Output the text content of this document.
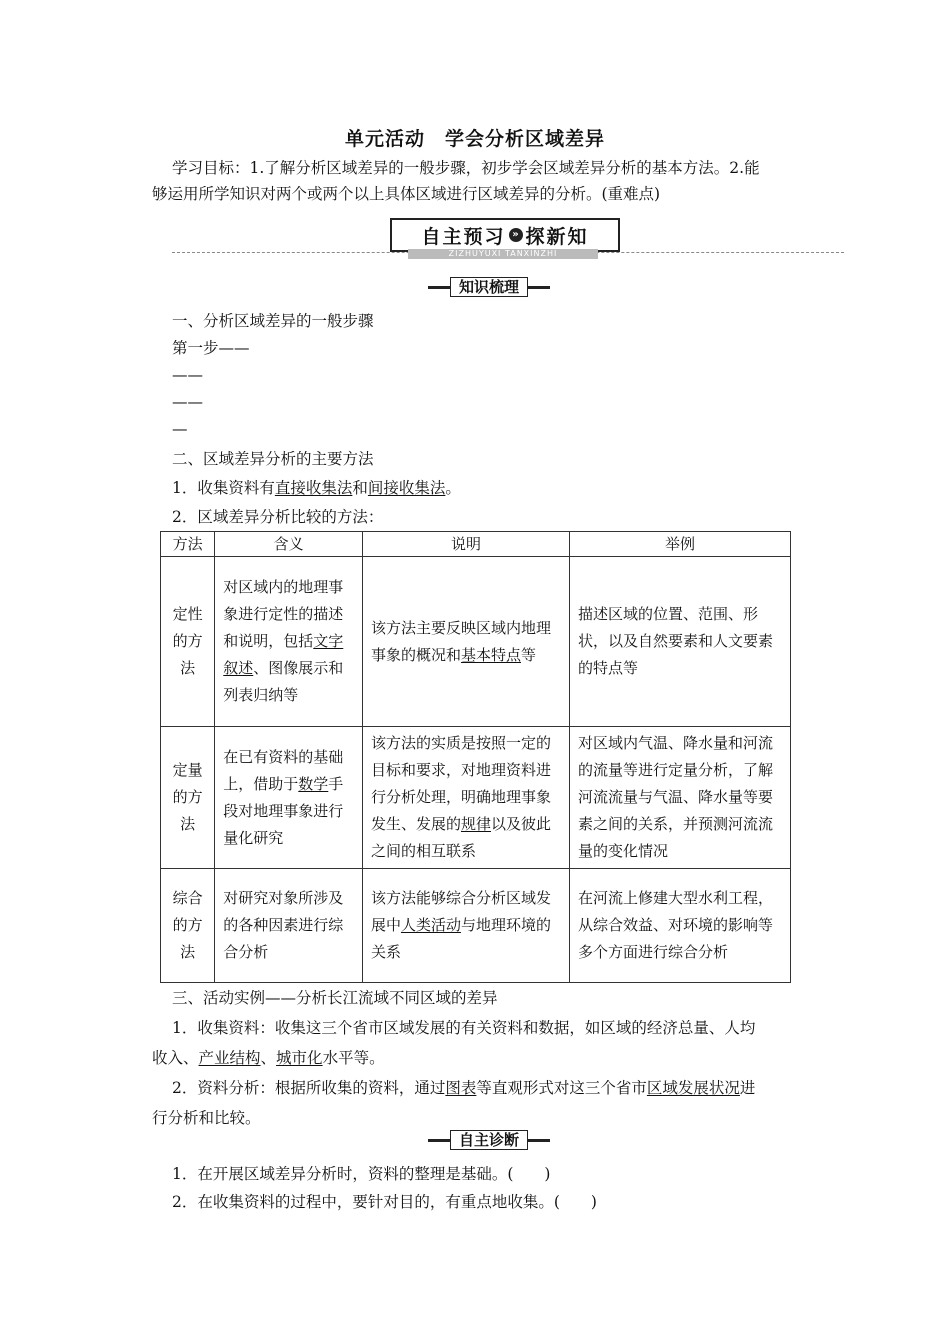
单元活动　学会分析区域差异
学习目标：1.了解分析区域差异的一般步骤，初步学会区域差异分析的基本方法。2.能
够运用所学知识对两个或两个以上具体区域进行区域差异的分析。(重难点)
自主预习 » 探新知
ZIZHUYUXI TANXINZHI
知识梳理
一、分析区域差异的一般步骤
第一步——
——
——
—
二、区域差异分析的主要方法
1．收集资料有直接收集法和间接收集法。
2．区域差异分析比较的方法：
方法	含义	说明	举例
定性的方法	对区域内的地理事象进行定性的描述和说明，包括文字叙述、图像展示和列表归纳等	该方法主要反映区域内地理事象的概况和基本特点等	描述区域的位置、范围、形状，以及自然要素和人文要素的特点等
定量的方法	在已有资料的基础上，借助于数学手段对地理事象进行量化研究	该方法的实质是按照一定的目标和要求，对地理资料进行分析处理，明确地理事象发生、发展的规律以及彼此之间的相互联系	对区域内气温、降水量和河流的流量等进行定量分析，了解河流流量与气温、降水量等要素之间的关系，并预测河流流量的变化情况
综合的方法	对研究对象所涉及的各种因素进行综合分析	该方法能够综合分析区域发展中人类活动与地理环境的关系	在河流上修建大型水利工程，从综合效益、对环境的影响等多个方面进行综合分析
三、活动实例——分析长江流域不同区域的差异
1．收集资料：收集这三个省市区域发展的有关资料和数据，如区域的经济总量、人均
收入、产业结构、城市化水平等。
2．资料分析：根据所收集的资料，通过图表等直观形式对这三个省市区域发展状况进
行分析和比较。
自主诊断
1．在开展区域差异分析时，资料的整理是基础。(　　)
2．在收集资料的过程中，要针对目的，有重点地收集。(　　)
